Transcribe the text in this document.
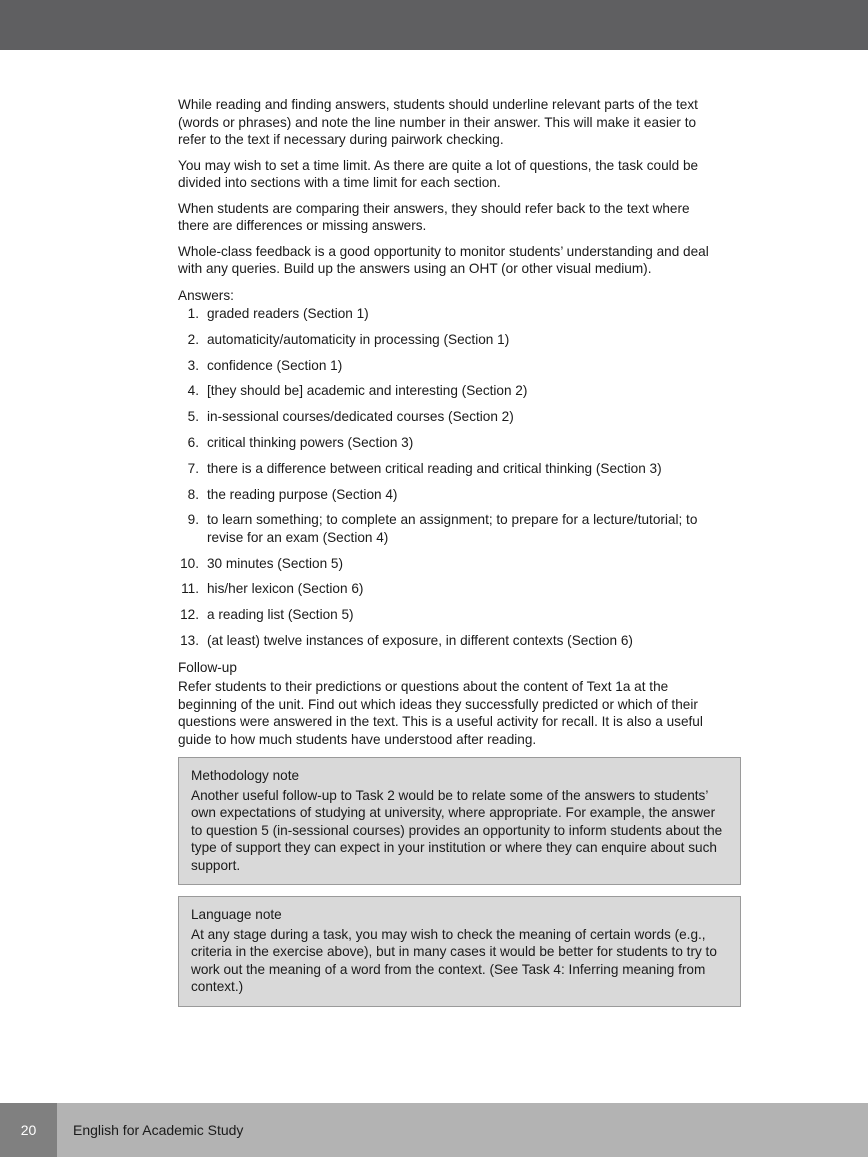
While reading and finding answers, students should underline relevant parts of the text (words or phrases) and note the line number in their answer. This will make it easier to refer to the text if necessary during pairwork checking.

You may wish to set a time limit. As there are quite a lot of questions, the task could be divided into sections with a time limit for each section.

When students are comparing their answers, they should refer back to the text where there are differences or missing answers.

Whole-class feedback is a good opportunity to monitor students’ understanding and deal with any queries. Build up the answers using an OHT (or other visual medium).

Answers:
1. graded readers (Section 1)
2. automaticity/automaticity in processing (Section 1)
3. confidence (Section 1)
4. [they should be] academic and interesting (Section 2)
5. in-sessional courses/dedicated courses (Section 2)
6. critical thinking powers (Section 3)
7. there is a difference between critical reading and critical thinking (Section 3)
8. the reading purpose (Section 4)
9. to learn something; to complete an assignment; to prepare for a lecture/tutorial; to revise for an exam (Section 4)
10. 30 minutes (Section 5)
11. his/her lexicon (Section 6)
12. a reading list (Section 5)
13. (at least) twelve instances of exposure, in different contexts (Section 6)
Follow-up

Refer students to their predictions or questions about the content of Text 1a at the beginning of the unit. Find out which ideas they successfully predicted or which of their questions were answered in the text. This is a useful activity for recall. It is also a useful guide to how much students have understood after reading.

Methodology note

Another useful follow-up to Task 2 would be to relate some of the answers to students’ own expectations of studying at university, where appropriate. For example, the answer to question 5 (in-sessional courses) provides an opportunity to inform students about the type of support they can expect in your institution or where they can enquire about such support.

Language note

At any stage during a task, you may wish to check the meaning of certain words (e.g., criteria in the exercise above), but in many cases it would be better for students to try to work out the meaning of a word from the context. (See Task 4: Inferring meaning from context.)

20	English for Academic Study
